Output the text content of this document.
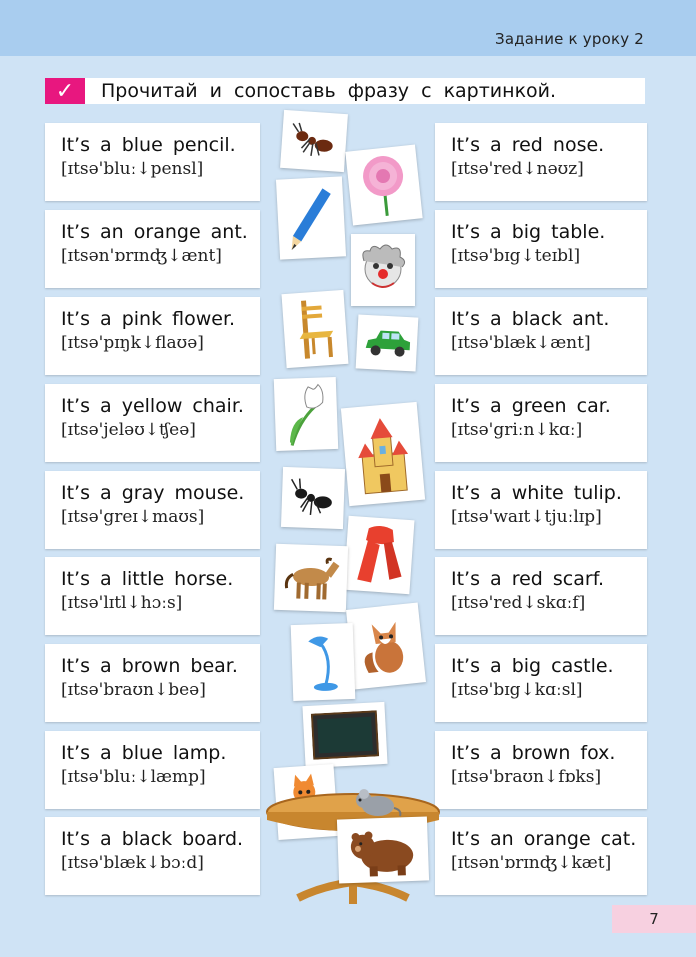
Задание к уроку 2
✓	Прочитай и сопоставь фразу с картинкой.
It’s a blue pencil.
[ɪtsə'bluː↓pensl]
It’s an orange ant.
[ɪtsən'ɒrɪnʤ↓ænt]
It’s a pink flower.
[ɪtsə'pɪŋk↓flaʊə]
It’s a yellow chair.
[ɪtsə'jeləʊ↓ʧeə]
It’s a gray mouse.
[ɪtsə'greɪ↓maʊs]
It’s a little horse.
[ɪtsə'lɪtl↓hɔːs]
It’s a brown bear.
[ɪtsə'braʊn↓beə]
It’s a blue lamp.
[ɪtsə'bluː↓læmp]
It’s a black board.
[ɪtsə'blæk↓bɔːd]
It’s a red nose.
[ɪtsə'red↓nəʊz]
It’s a big table.
[ɪtsə'bɪg↓teɪbl]
It’s a black ant.
[ɪtsə'blæk↓ænt]
It’s a green car.
[ɪtsə'griːn↓kɑː]
It’s a white tulip.
[ɪtsə'waɪt↓tjuːlɪp]
It’s a red scarf.
[ɪtsə'red↓skɑːf]
It’s a big castle.
[ɪtsə'bɪg↓kɑːsl]
It’s a brown fox.
[ɪtsə'braʊn↓fɒks]
It’s an orange cat.
[ɪtsən'ɒrɪnʤ↓kæt]
7
